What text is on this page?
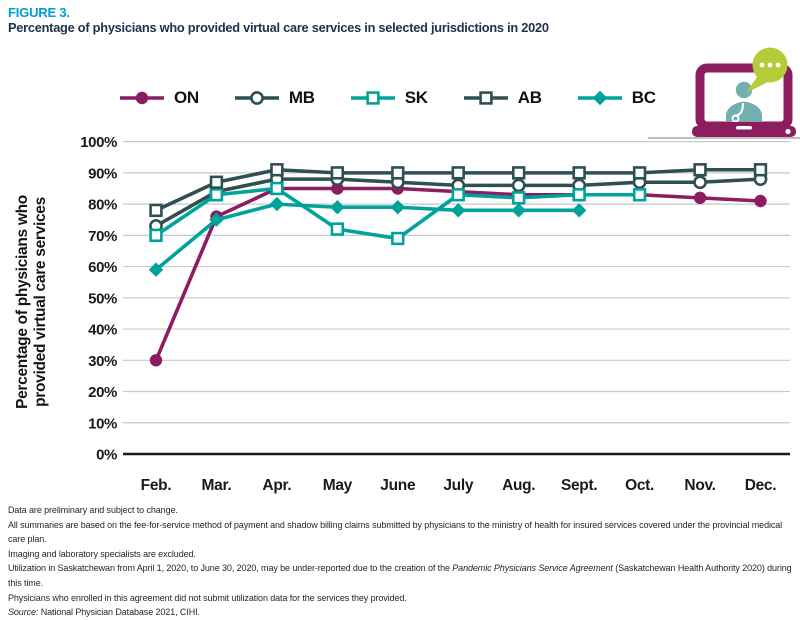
FIGURE 3.
Percentage of physicians who provided virtual care services in selected jurisdictions in 2020
Percentage of physicians who provided virtual care services
ON	MB	SK	AB	BC
0%
10%
20%
30%
40%
50%
60%
70%
80%
90%
100%
Feb. Mar. Apr. May June July Aug. Sept. Oct. Nov. Dec.
Data are preliminary and subject to change.
All summaries are based on the fee-for-service method of payment and shadow billing claims submitted by physicians to the ministry of health for insured services covered under the provincial medical care plan.
Imaging and laboratory specialists are excluded.
Utilization in Saskatchewan from April 1, 2020, to June 30, 2020, may be under-reported due to the creation of the Pandemic Physicians Service Agreement (Saskatchewan Health Authority 2020) during this time.
Physicians who enrolled in this agreement did not submit utilization data for the services they provided.
Source: National Physician Database 2021, CIHI.
